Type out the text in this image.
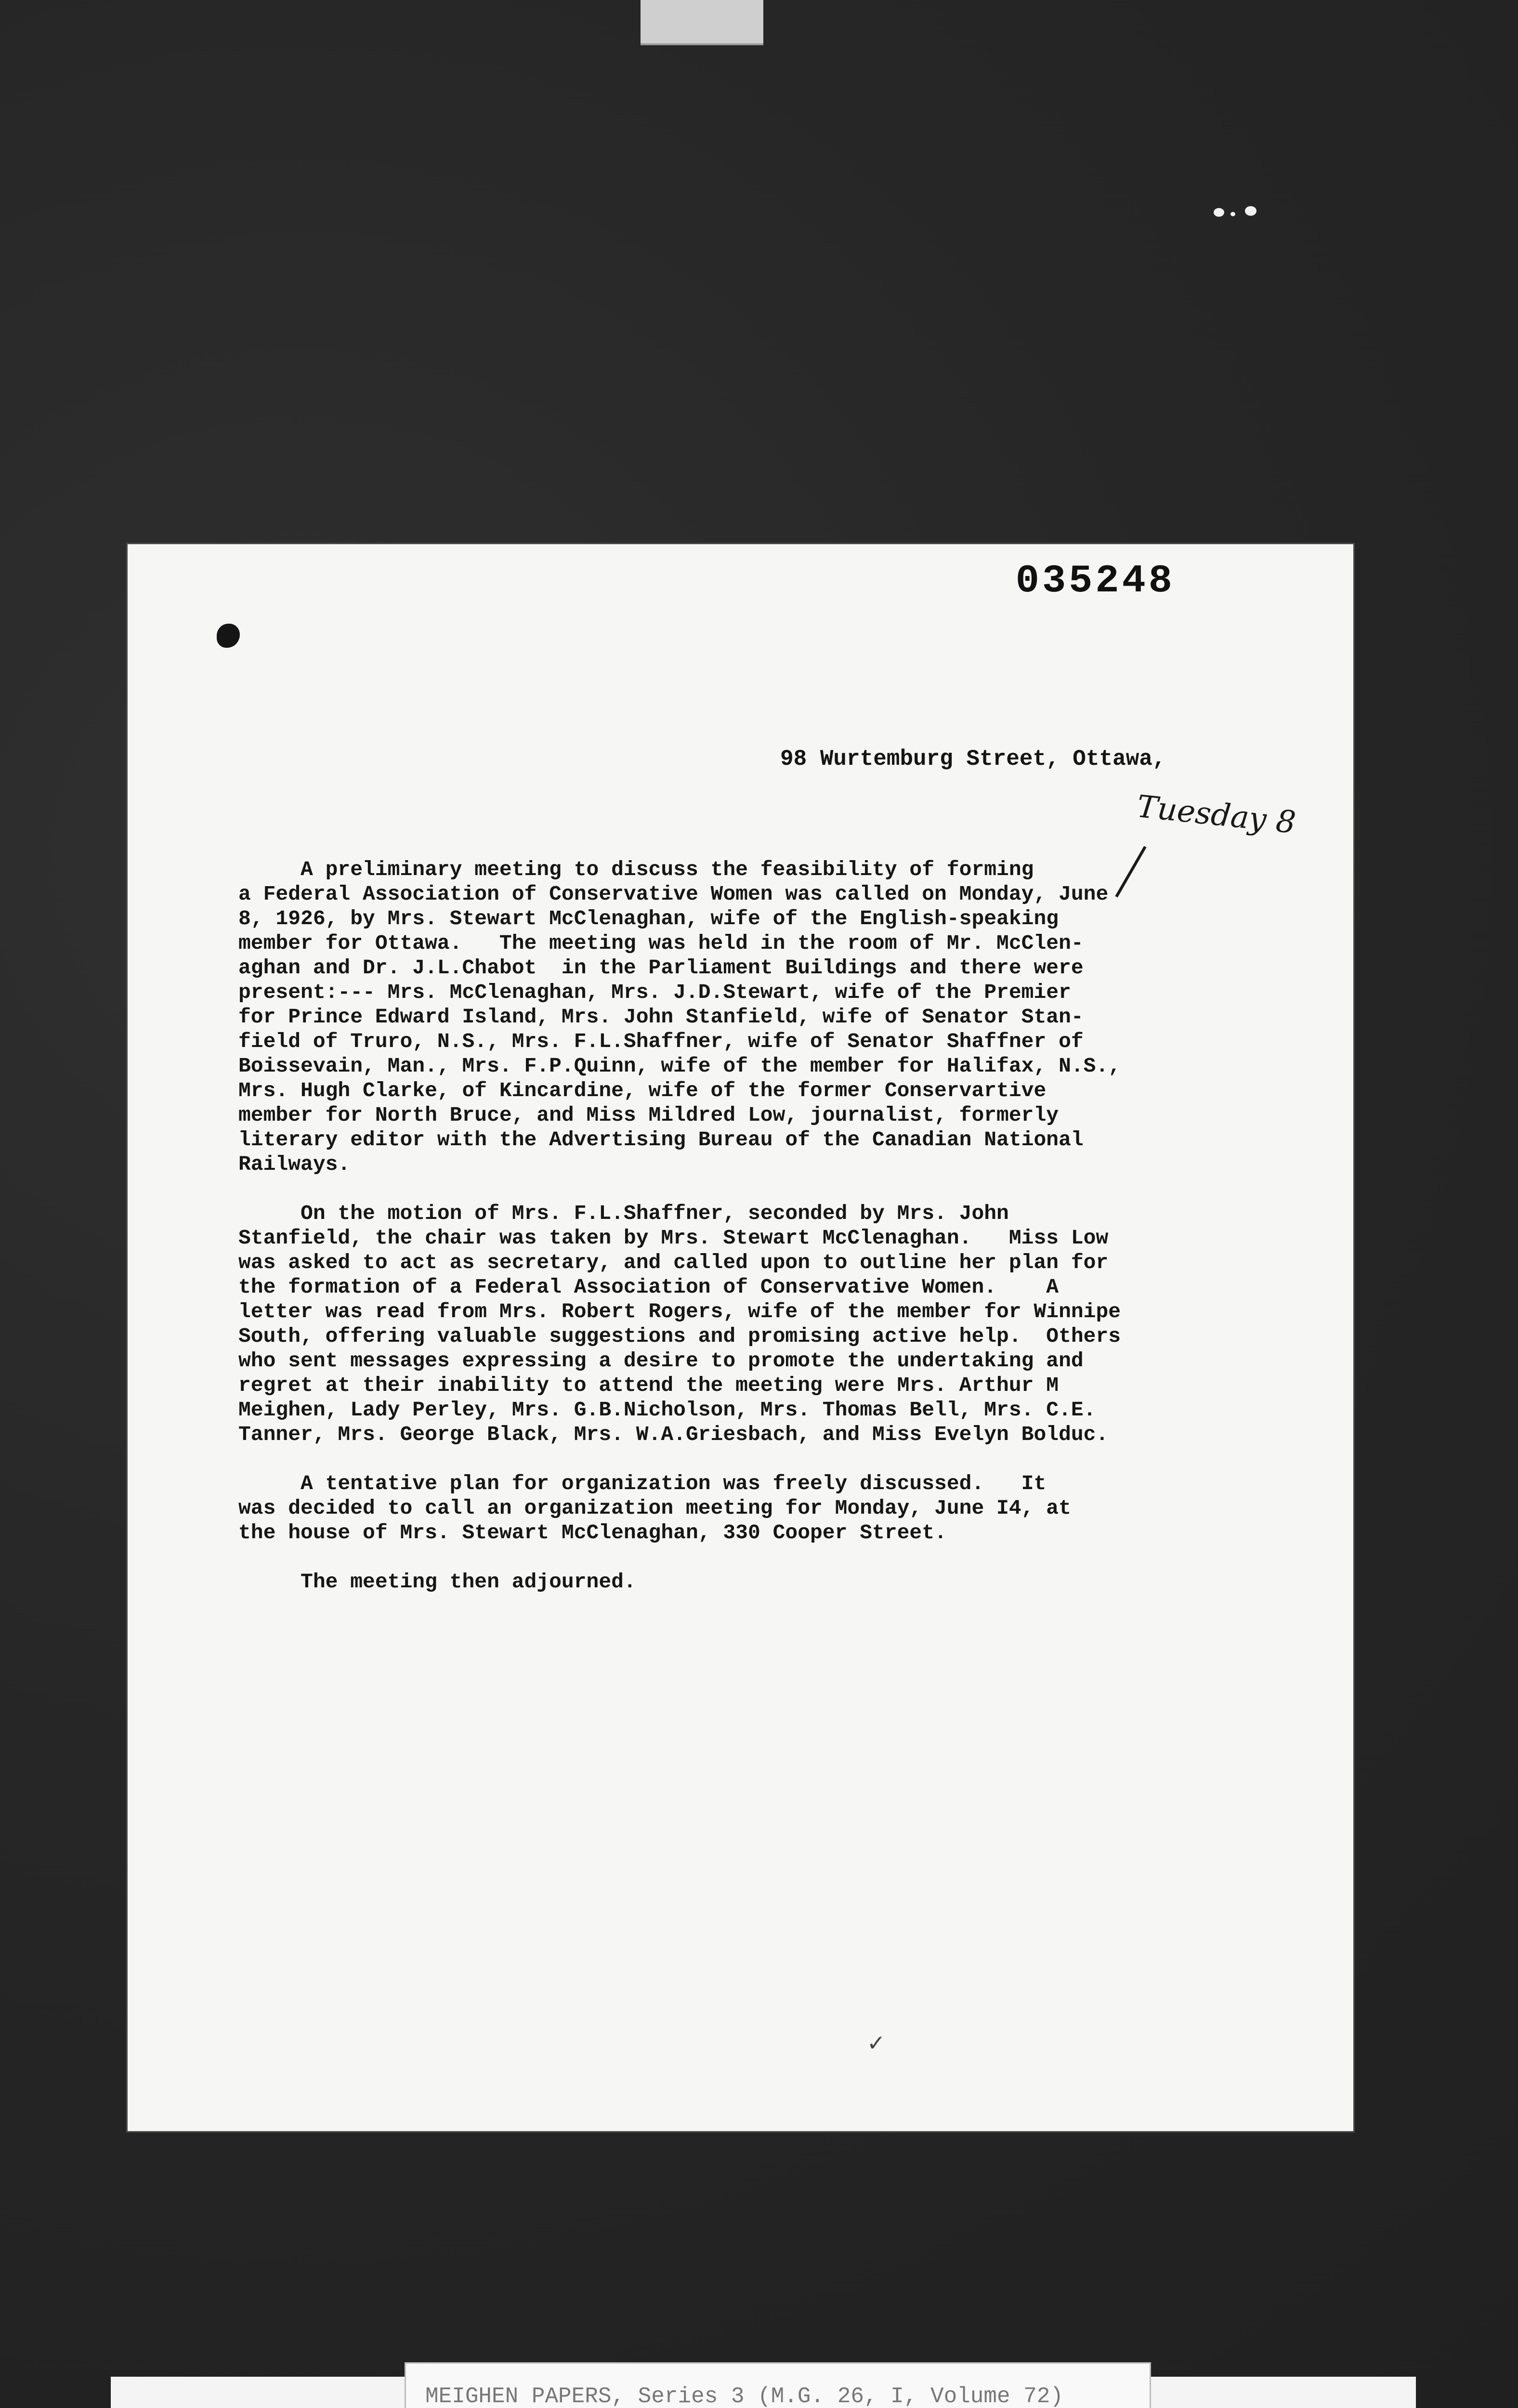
035248
98 Wurtemburg Street, Ottawa,
Tuesday 8
A preliminary meeting to discuss the feasibility of forming
a Federal Association of Conservative Women was called on Monday, June
8, 1926, by Mrs. Stewart McClenaghan, wife of the English-speaking
member for Ottawa.   The meeting was held in the room of Mr. McClen-
aghan and Dr. J.L.Chabot  in the Parliament Buildings and there were
present:--- Mrs. McClenaghan, Mrs. J.D.Stewart, wife of the Premier
for Prince Edward Island, Mrs. John Stanfield, wife of Senator Stan-
field of Truro, N.S., Mrs. F.L.Shaffner, wife of Senator Shaffner of
Boissevain, Man., Mrs. F.P.Quinn, wife of the member for Halifax, N.S.,
Mrs. Hugh Clarke, of Kincardine, wife of the former Conservartive
member for North Bruce, and Miss Mildred Low, journalist, formerly
literary editor with the Advertising Bureau of the Canadian National
Railways.
On the motion of Mrs. F.L.Shaffner, seconded by Mrs. John
Stanfield, the chair was taken by Mrs. Stewart McClenaghan.   Miss Low
was asked to act as secretary, and called upon to outline her plan for
the formation of a Federal Association of Conservative Women.    A
letter was read from Mrs. Robert Rogers, wife of the member for Winnipe
South, offering valuable suggestions and promising active help.  Others
who sent messages expressing a desire to promote the undertaking and
regret at their inability to attend the meeting were Mrs. Arthur M
Meighen, Lady Perley, Mrs. G.B.Nicholson, Mrs. Thomas Bell, Mrs. C.E.
Tanner, Mrs. George Black, Mrs. W.A.Griesbach, and Miss Evelyn Bolduc.
A tentative plan for organization was freely discussed.   It
was decided to call an organization meeting for Monday, June I4, at
the house of Mrs. Stewart McClenaghan, 330 Cooper Street.
The meeting then adjourned.
✓
MEIGHEN PAPERS, Series 3 (M.G. 26, I, Volume 72)
